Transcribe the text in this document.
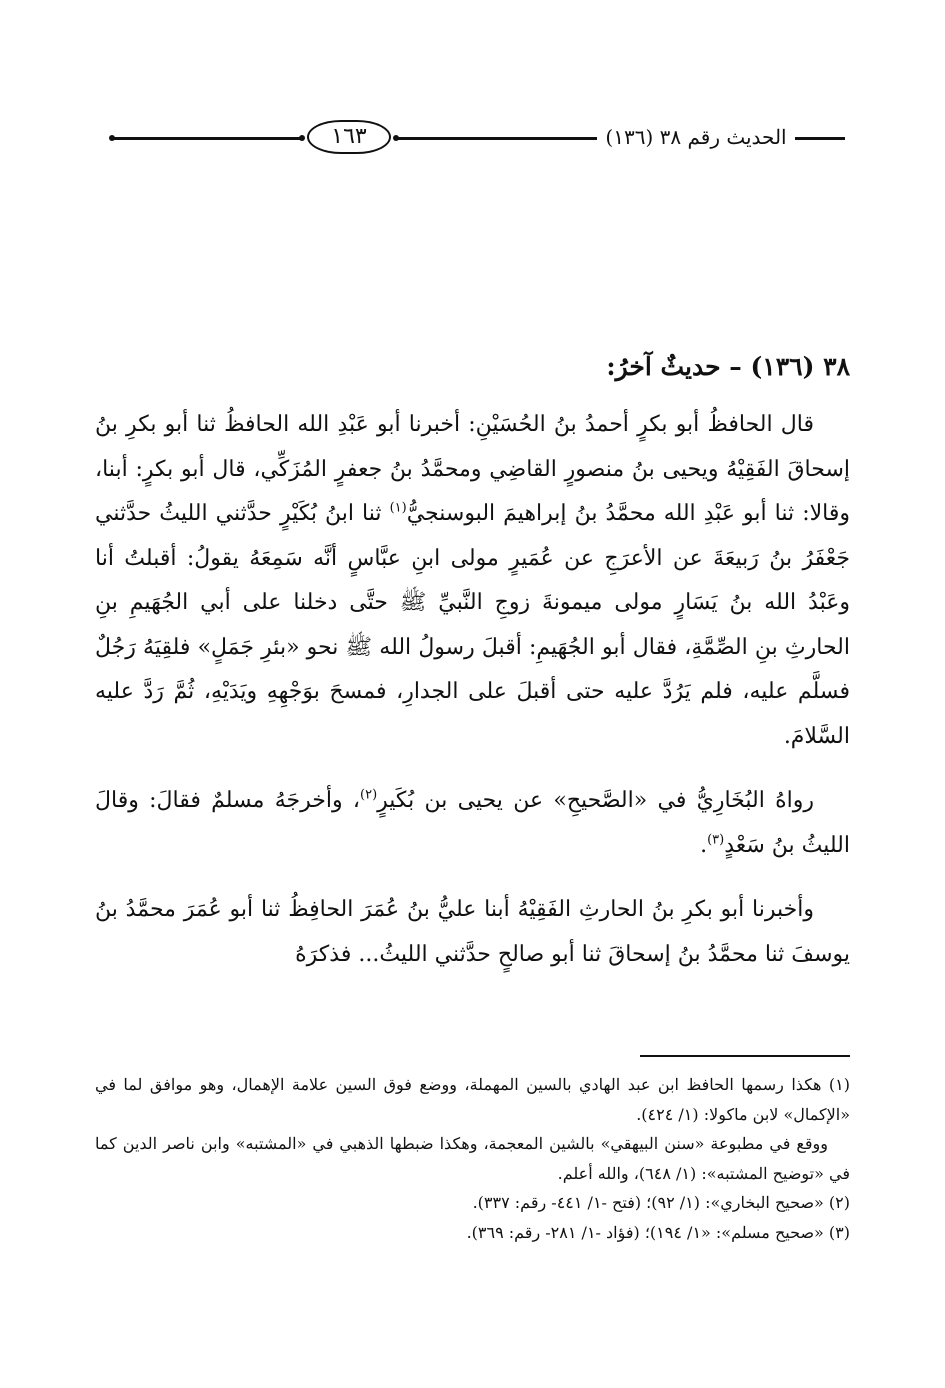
١٦٣	الحديث رقم ٣٨ (١٣٦)
٣٨ (١٣٦) – حديثٌ آخرُ:

قال الحافظُ أبو بكرٍ أحمدُ بنُ الحُسَيْنِ: أخبرنا أبو عَبْدِ الله الحافظُ ثنا أبو بكرِ بنُ إسحاقَ الفَقِيْهُ ويحيى بنُ منصورٍ القاضِي ومحمَّدُ بنُ جعفرٍ المُزَكِّي، قال أبو بكرٍ: أبنا، وقالا: ثنا أبو عَبْدِ الله محمَّدُ بنُ إبراهيمَ البوسنجيُّ$^{(١)}$ ثنا ابنُ بُكَيْرٍ حدَّثني الليثُ حدَّثني جَعْفَرُ بنُ رَبيعَةَ عن الأعرَجِ عن عُمَيرٍ مولى ابنِ عبَّاسٍ أنَّه سَمِعَهُ يقولُ: أقبلتُ أنا وعَبْدُ الله بنُ يَسَارٍ مولى ميمونةَ زوجِ النَّبيِّ ﷺ حتَّى دخلنا على أبي الجُهَيمِ بنِ الحارثِ بنِ الصِّمَّةِ، فقال أبو الجُهَيمِ: أقبلَ رسولُ الله ﷺ نحو «بئرِ جَمَلٍ» فلقِيَهُ رَجُلٌ فسلَّم عليه، فلم يَرُدَّ عليه حتى أقبلَ على الجدارِ، فمسحَ بوَجْهِهِ ويَدَيْهِ، ثُمَّ رَدَّ عليه السَّلامَ.

رواهُ البُخَارِيُّ في «الصَّحيحِ» عن يحيى بن بُكَيرٍ$^{(٢)}$، وأخرجَهُ مسلمٌ فقالَ: وقالَ الليثُ بنُ سَعْدٍ$^{(٣)}$.

وأخبرنا أبو بكرِ بنُ الحارثِ الفَقِيْهُ أبنا عليُّ بنُ عُمَرَ الحافِظُ ثنا أبو عُمَرَ محمَّدُ بنُ يوسفَ ثنا محمَّدُ بنُ إسحاقَ ثنا أبو صالحٍ حدَّثني الليثُ... فذكرَهُ

(١) هكذا رسمها الحافظ ابن عبد الهادي بالسين المهملة، ووضع فوق السين علامة الإهمال، وهو موافق لما في «الإكمال» لابن ماكولا: (١/ ٤٢٤).

ووقع في مطبوعة «سنن البيهقي» بالشين المعجمة، وهكذا ضبطها الذهبي في «المشتبه» وابن ناصر الدين كما في «توضيح المشتبه»: (١/ ٦٤٨)، والله أعلم.

(٢) «صحيح البخاري»: (١/ ٩٢)؛ (فتح -١/ ٤٤١- رقم: ٣٣٧).

(٣) «صحيح مسلم»: «١/ ١٩٤)؛ (فؤاد -١/ ٢٨١- رقم: ٣٦٩).
